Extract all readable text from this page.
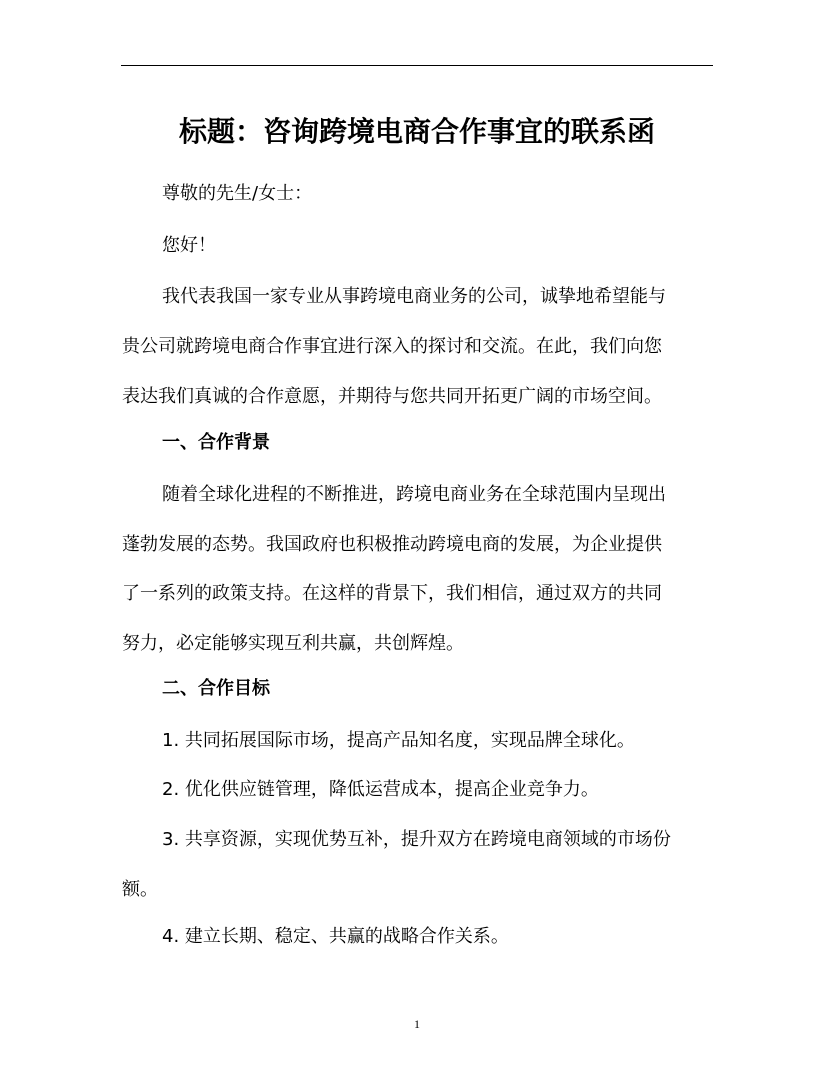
标题：咨询跨境电商合作事宜的联系函
尊敬的先生/女士：
您好！
我代表我国一家专业从事跨境电商业务的公司，诚挚地希望能与
贵公司就跨境电商合作事宜进行深入的探讨和交流。在此，我们向您
表达我们真诚的合作意愿，并期待与您共同开拓更广阔的市场空间。
一、合作背景
随着全球化进程的不断推进，跨境电商业务在全球范围内呈现出
蓬勃发展的态势。我国政府也积极推动跨境电商的发展，为企业提供
了一系列的政策支持。在这样的背景下，我们相信，通过双方的共同
努力，必定能够实现互利共赢，共创辉煌。
二、合作目标
1. 共同拓展国际市场，提高产品知名度，实现品牌全球化。
2. 优化供应链管理，降低运营成本，提高企业竞争力。
3. 共享资源，实现优势互补，提升双方在跨境电商领域的市场份
额。
4. 建立长期、稳定、共赢的战略合作关系。
1
